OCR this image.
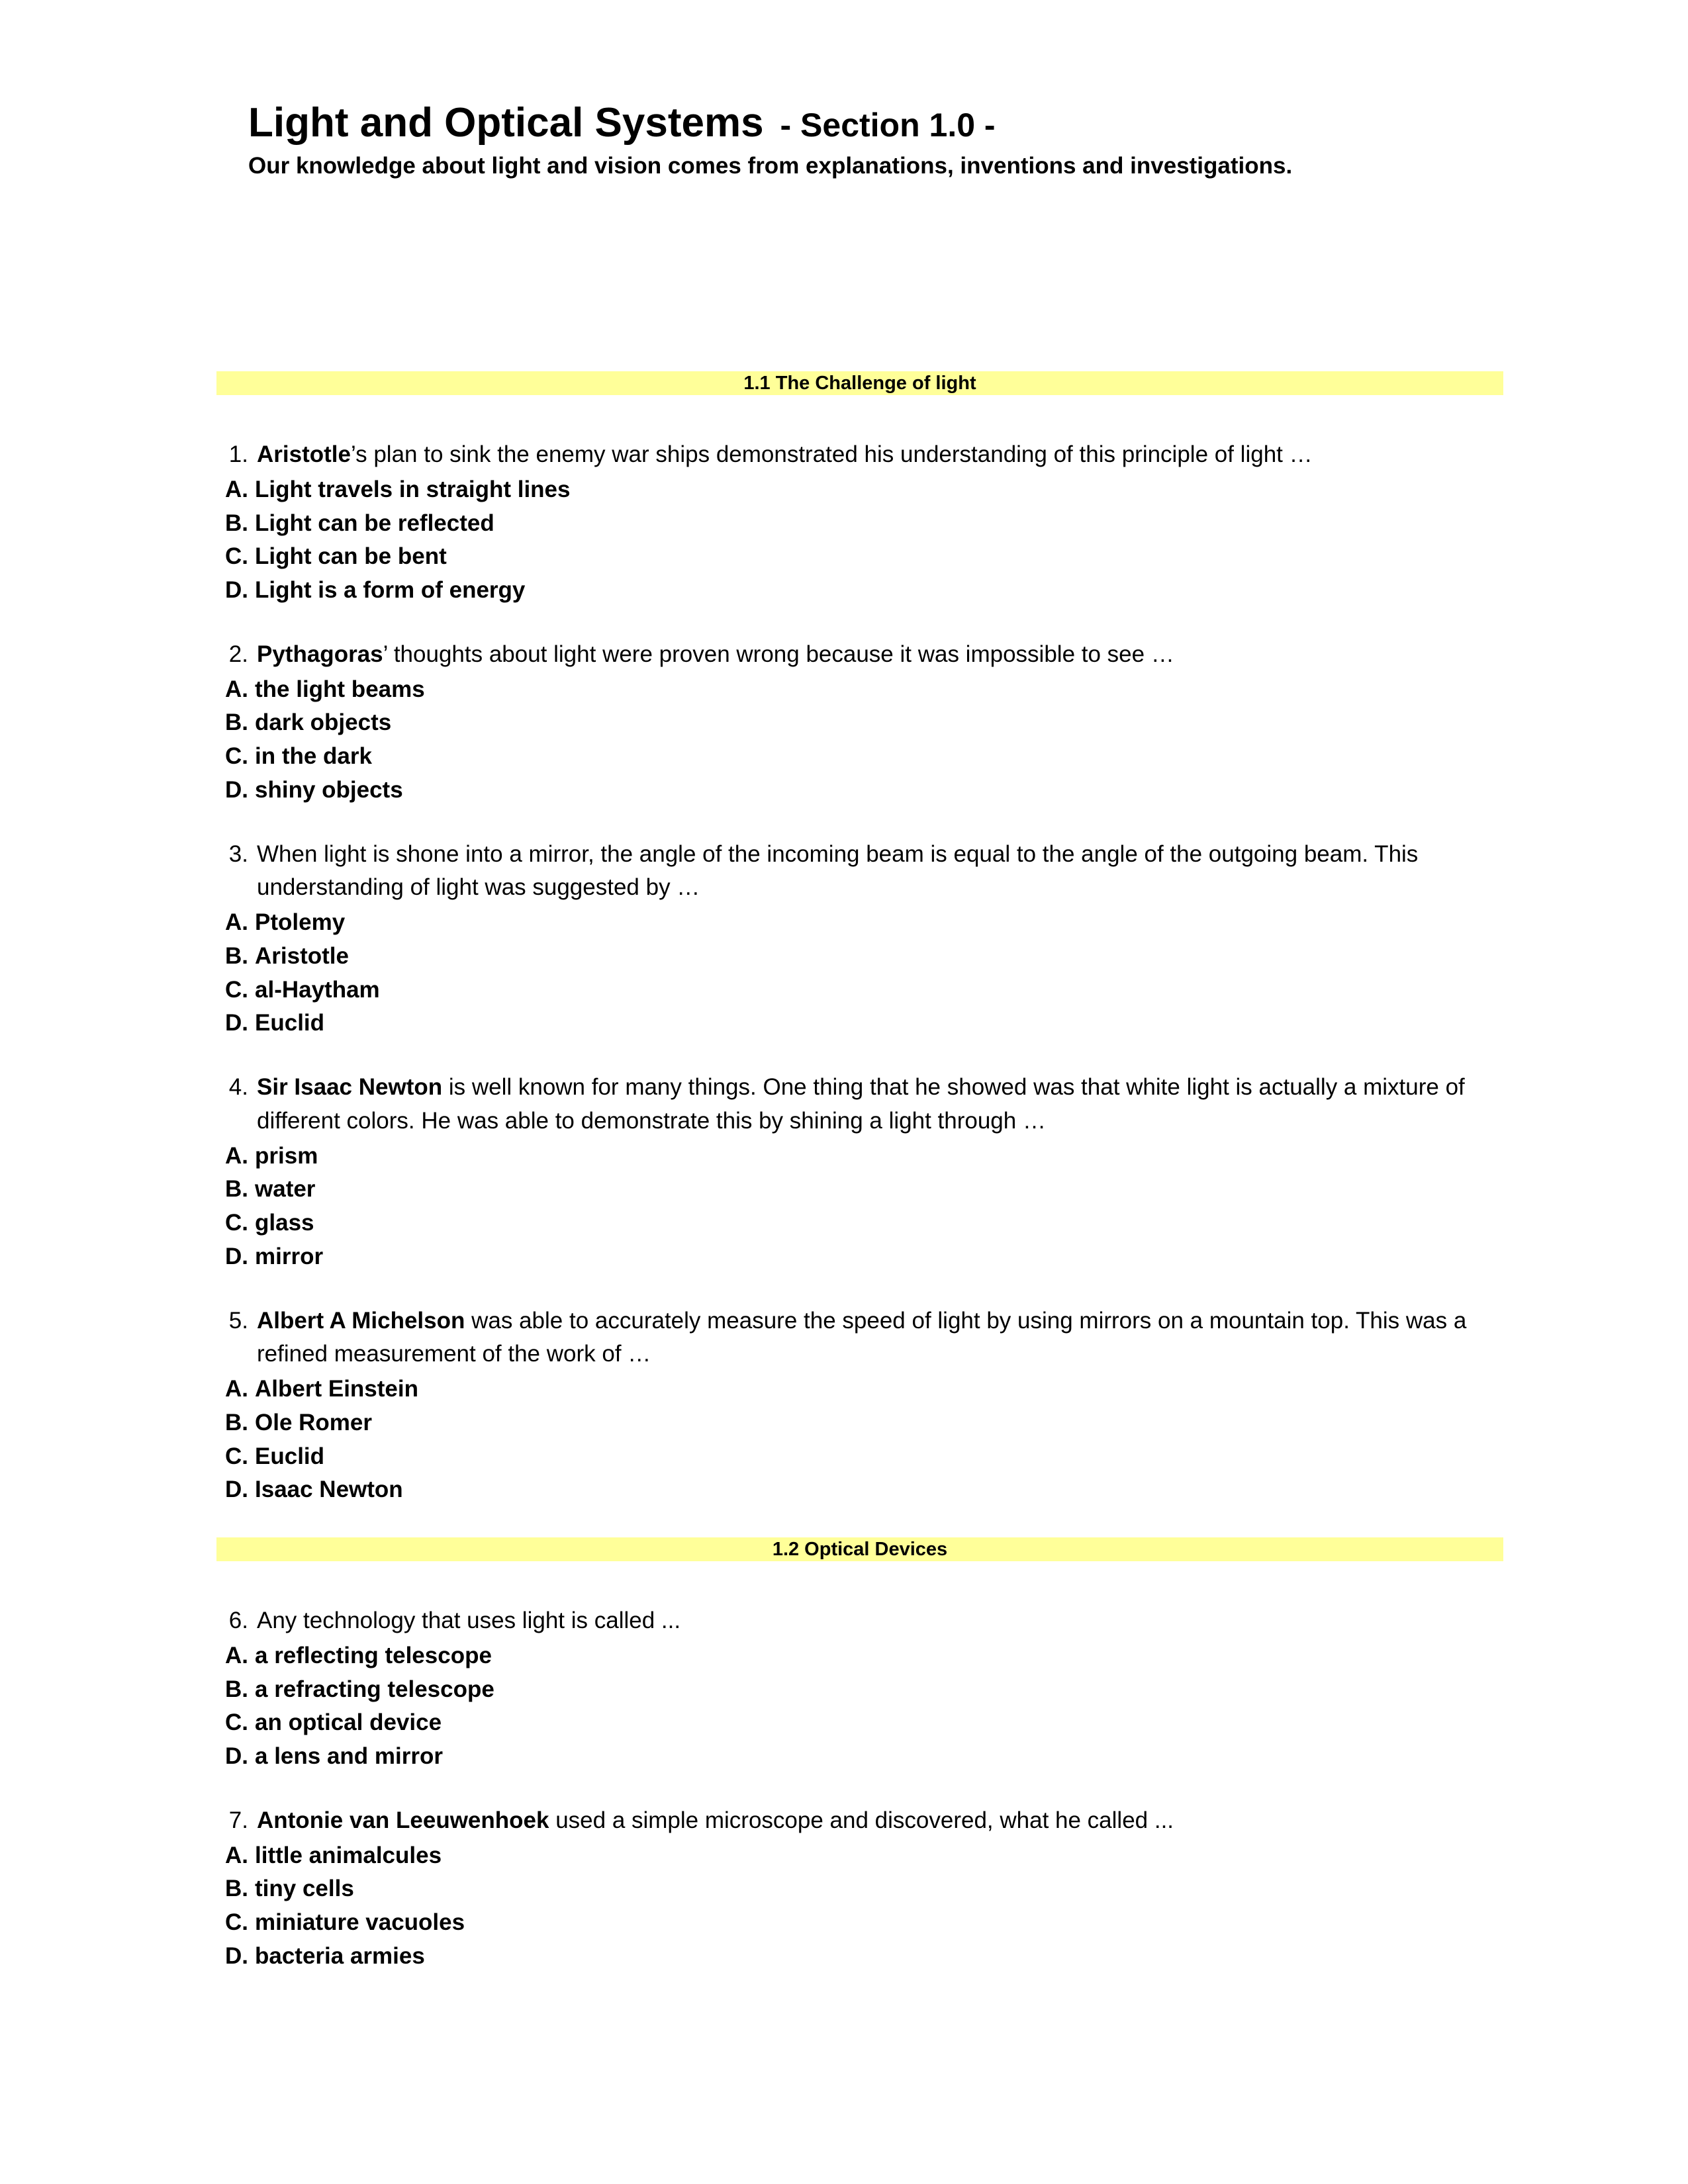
Light and Optical Systems - Section 1.0 -

Our knowledge about light and vision comes from explanations, inventions and investigations.

1.1 The Challenge of light
1. Aristotle’s plan to sink the enemy war ships demonstrated his understanding of this principle of light …
A. Light travels in straight lines
B. Light can be reflected
C. Light can be bent
D. Light is a form of energy
2. Pythagoras’ thoughts about light were proven wrong because it was impossible to see …
A. the light beams
B. dark objects
C. in the dark
D. shiny objects
3. When light is shone into a mirror, the angle of the incoming beam is equal to the angle of the outgoing beam. This understanding of light was suggested by …
A. Ptolemy
B. Aristotle
C. al-Haytham
D. Euclid
4. Sir Isaac Newton is well known for many things. One thing that he showed was that white light is actually a mixture of different colors. He was able to demonstrate this by shining a light through …
A. prism
B. water
C. glass
D. mirror
5. Albert A Michelson was able to accurately measure the speed of light by using mirrors on a mountain top. This was a refined measurement of the work of …
A. Albert Einstein
B. Ole Romer
C. Euclid
D. Isaac Newton
1.2 Optical Devices
6. Any technology that uses light is called ...
A. a reflecting telescope
B. a refracting telescope
C. an optical device
D. a lens and mirror
7. Antonie van Leeuwenhoek used a simple microscope and discovered, what he called ...
A. little animalcules
B. tiny cells
C. miniature vacuoles
D. bacteria armies
